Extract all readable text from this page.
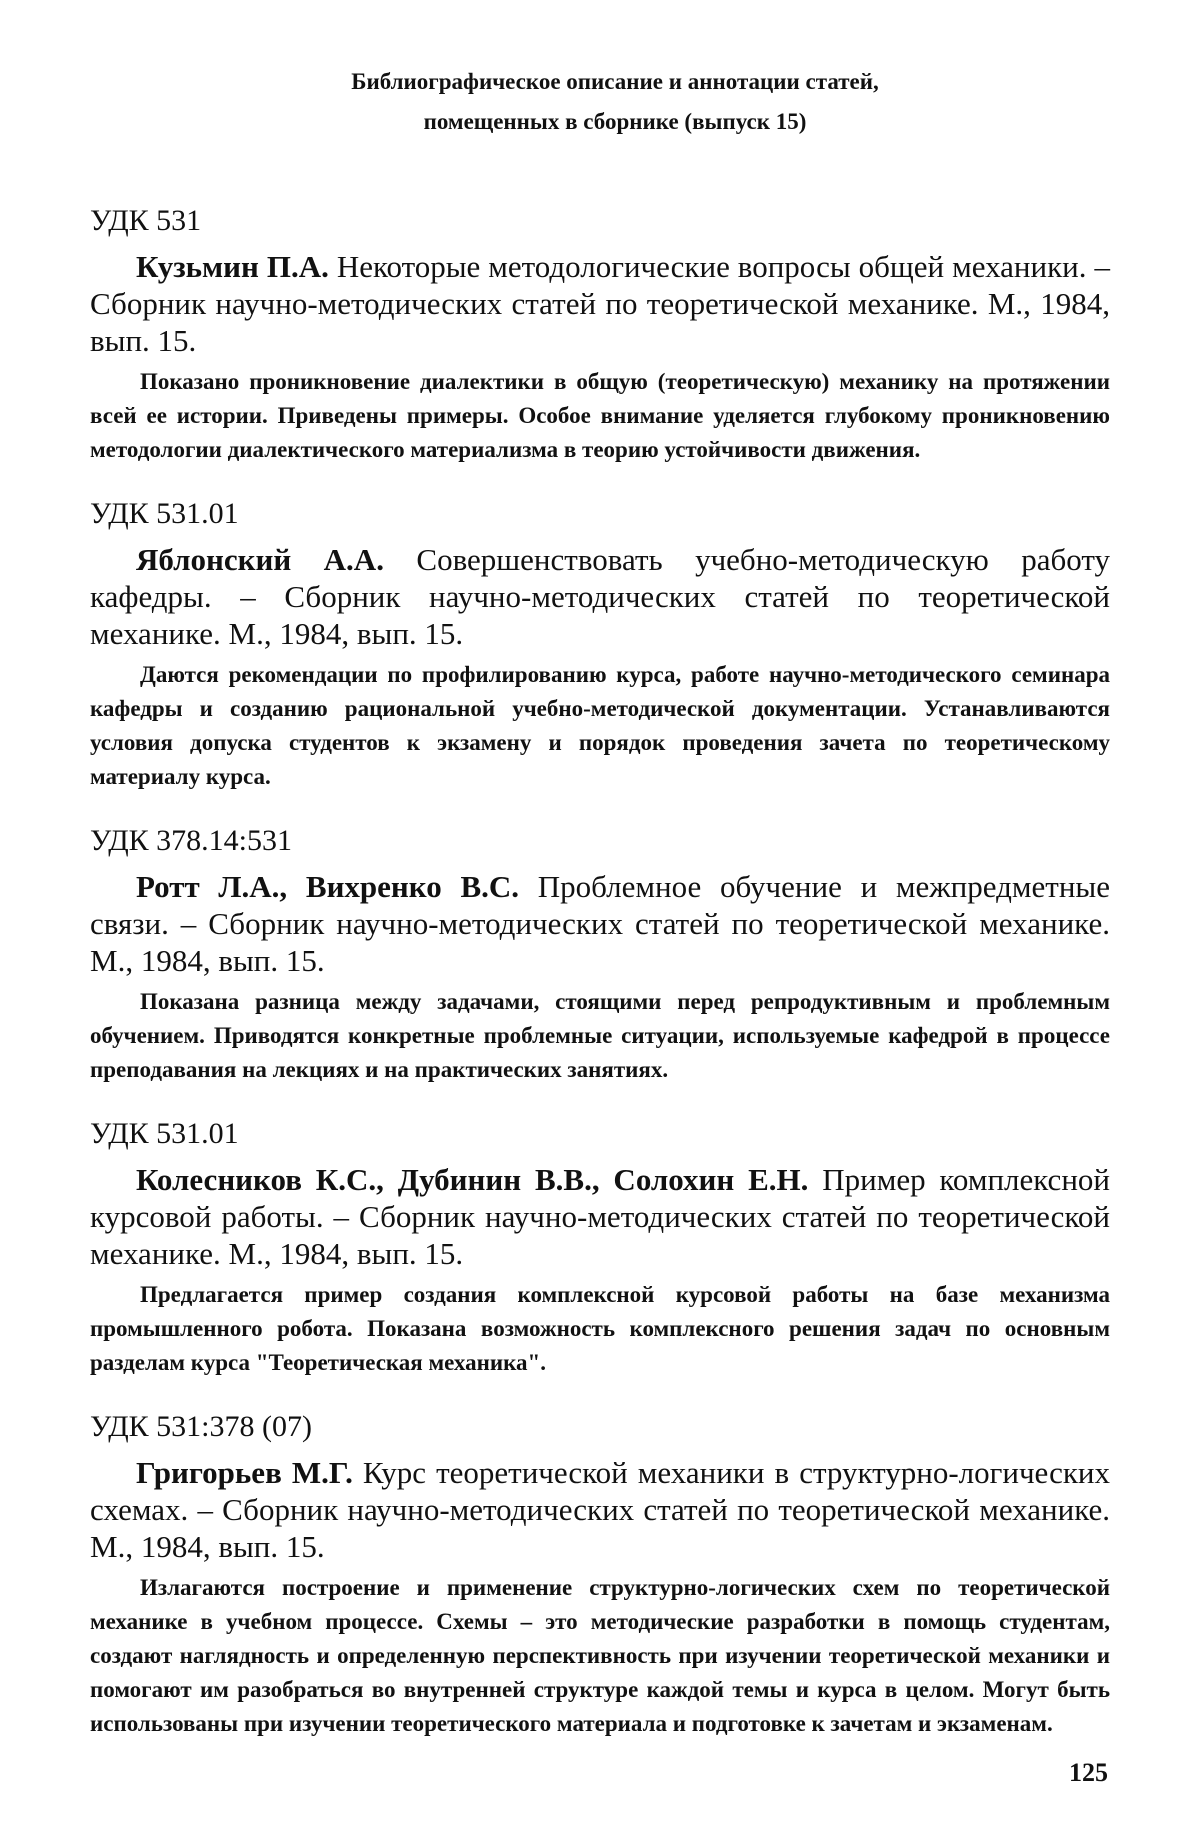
Библиографическое описание и аннотации статей,
помещенных в сборнике (выпуск 15)
УДК 531

Кузьмин П.А. Некоторые методологические вопросы общей механики. – Сборник научно-методических статей по теоретической механике. М., 1984, вып. 15.

Показано проникновение диалектики в общую (теоретическую) механику на протяжении всей ее истории. Приведены примеры. Особое внимание уделяется глубокому проникновению методологии диалектического материализма в теорию устойчивости движения.

УДК 531.01

Яблонский А.А. Совершенствовать учебно-методическую работу кафедры. – Сборник научно-методических статей по теоретической механике. М., 1984, вып. 15.

Даются рекомендации по профилированию курса, работе научно-методического семинара кафедры и созданию рациональной учебно-методической документации. Устанавливаются условия допуска студентов к экзамену и порядок проведения зачета по теоретическому материалу курса.

УДК 378.14:531

Ротт Л.А., Вихренко В.С. Проблемное обучение и межпредметные связи. – Сборник научно-методических статей по теоретической механике. М., 1984, вып. 15.

Показана разница между задачами, стоящими перед репродуктивным и проблемным обучением. Приводятся конкретные проблемные ситуации, используемые кафедрой в процессе преподавания на лекциях и на практических занятиях.

УДК 531.01

Колесников К.С., Дубинин В.В., Солохин Е.Н. Пример комплексной курсовой работы. – Сборник научно-методических статей по теоретической механике. М., 1984, вып. 15.

Предлагается пример создания комплексной курсовой работы на базе механизма промышленного робота. Показана возможность комплексного решения задач по основным разделам курса "Теоретическая механика".

УДК 531:378 (07)

Григорьев М.Г. Курс теоретической механики в структурно-логических схемах. – Сборник научно-методических статей по теоретической механике. М., 1984, вып. 15.

Излагаются построение и применение структурно-логических схем по теоретической механике в учебном процессе. Схемы – это методические разработки в помощь студентам, создают наглядность и определенную перспективность при изучении теоретической механики и помогают им разобраться во внутренней структуре каждой темы и курса в целом. Могут быть использованы при изучении теоретического материала и подготовке к зачетам и экзаменам.

125
